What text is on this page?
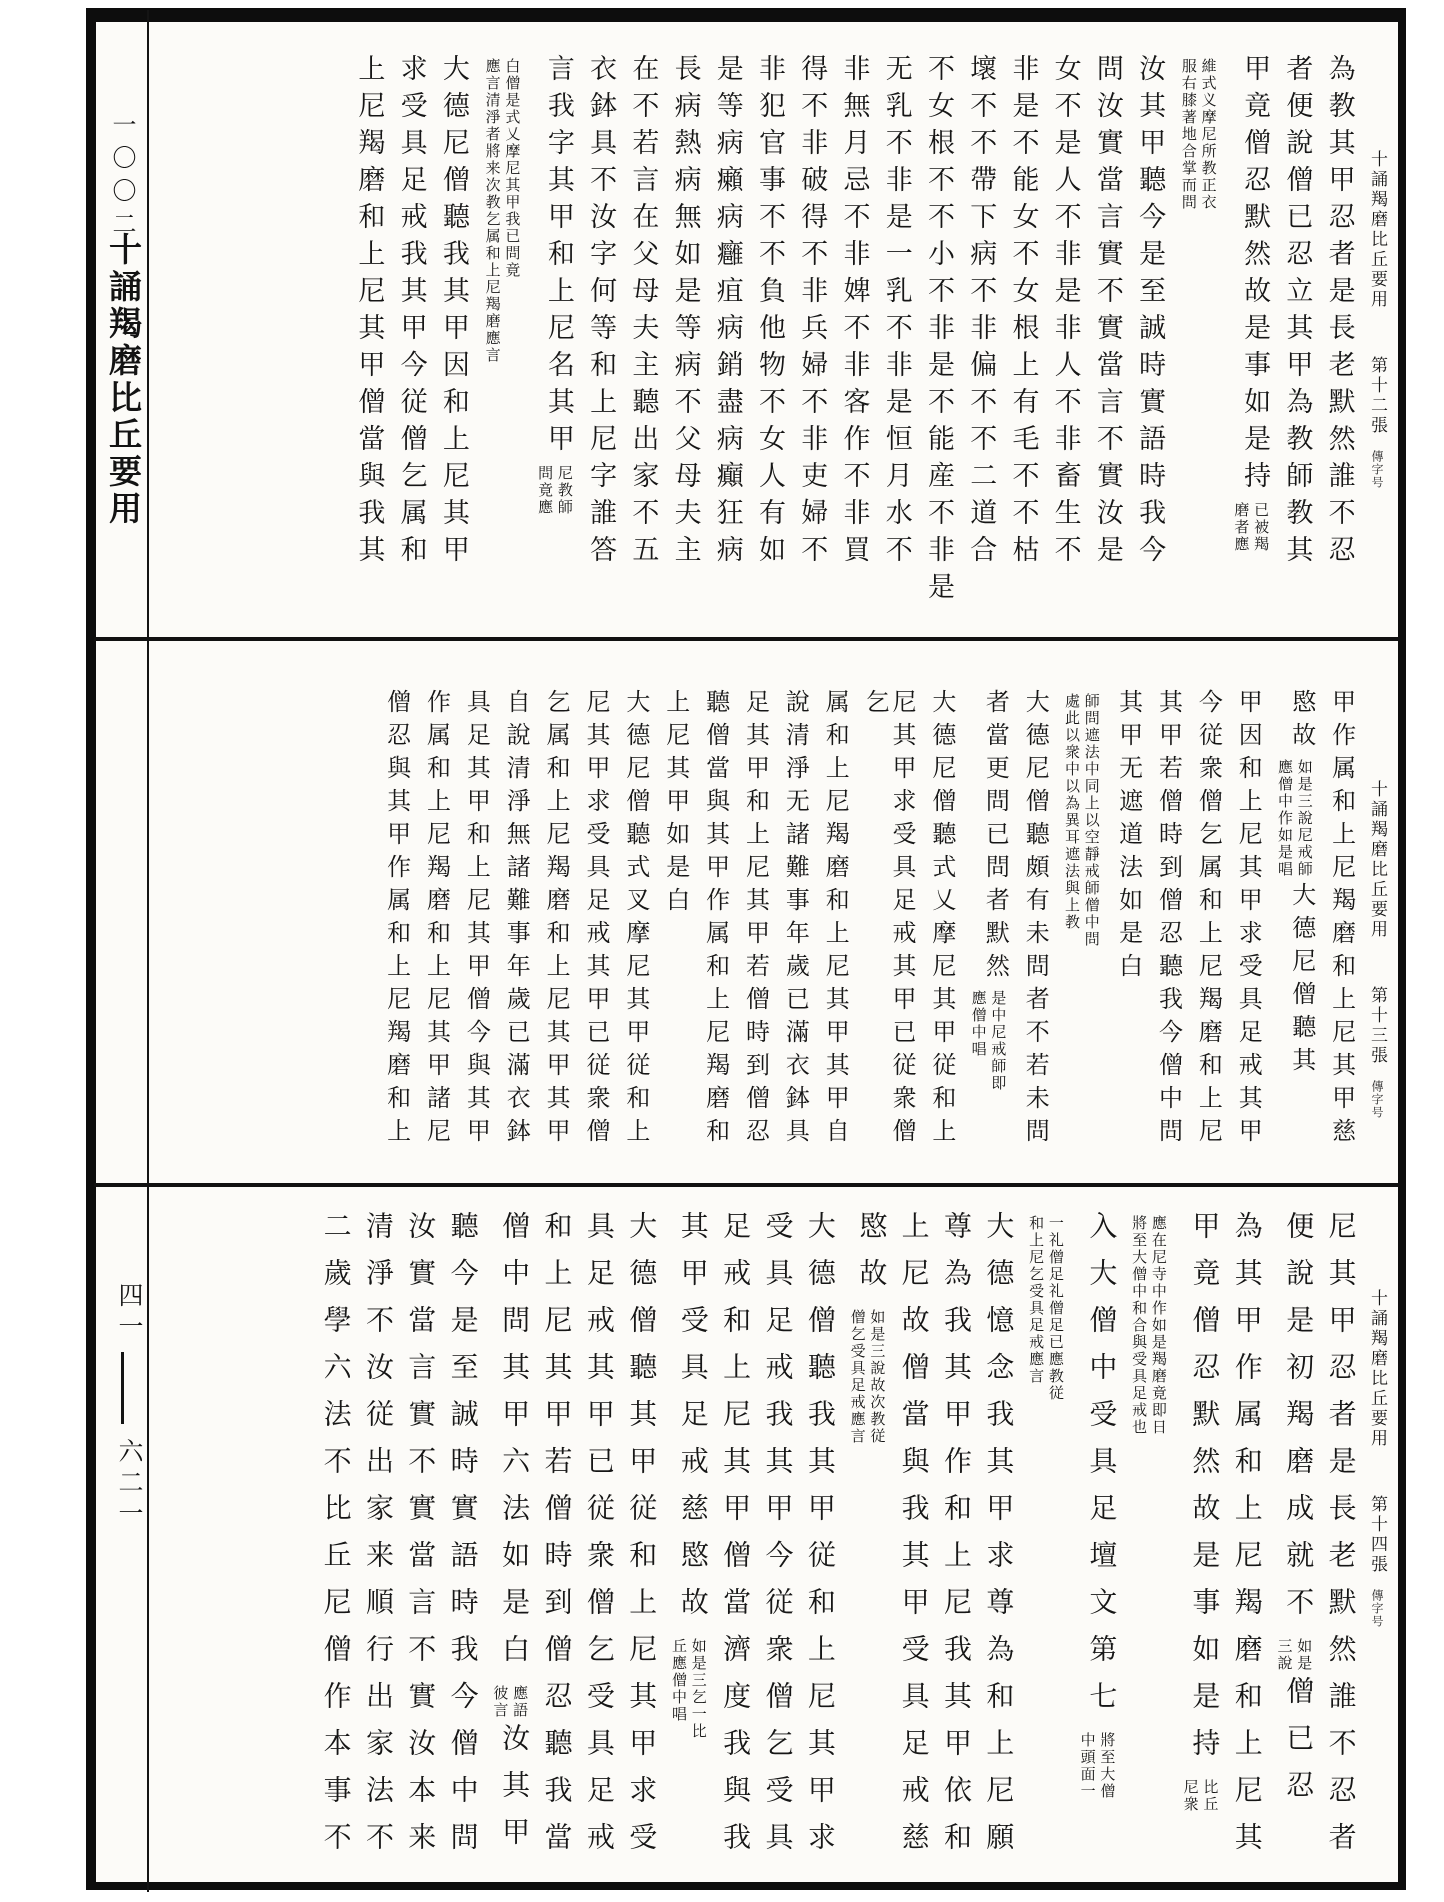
一〇〇二
十誦羯磨比丘要用
四一
六二一
十誦羯磨比丘要用第十二張傳字号
為教其甲忍者是長老默然誰不忍
者便說僧已忍立其甲為教師教其
甲竟僧忍默然故是事如是持
已被羯
磨者應
維式义摩尼所教正衣
服右膝著地合掌而問
汝其甲聽今是至誠時實語時我今
問汝實當言實不實當言不實汝是
女不是人不非是非人不非畜生不
非是不能女不女根上有毛不不枯
壞不不帶下病不非偏不不二道合
不女根不不小不非是不能産不非是
无乳不非是一乳不非是恒月水不
非無月忌不非婢不非客作不非買
得不非破得不非兵婦不非吏婦不
非犯官事不不負他物不女人有如
是等病癩病癰疽病銷盡病癲狂病
長病熱病無如是等病不父母夫主
在不若言在父母夫主聽出家不五
衣鉢具不汝字何等和上尼字誰答
言我字其甲和上尼名其甲
尼教師
問竟應
白僧是式乂摩尼其甲我已問竟
應言清淨者將来次教乞属和上尼羯磨應言
大德尼僧聽我其甲因和上尼其甲
求受具足戒我其甲今従僧乞属和
上尼羯磨和上尼其甲僧當與我其
十誦羯磨比丘要用第十三張傳字号
甲作属和上尼羯磨和上尼其甲慈
愍故
如是三說尼戒師
應僧中作如是唱
大德尼僧聽其
甲因和上尼其甲求受具足戒其甲
今従衆僧乞属和上尼羯磨和上尼
其甲若僧時到僧忍聽我今僧中問
其甲无遮道法如是白
師問遮法中同上以空靜戒師僧中問
處此以衆中以為異耳遮法與上教
大德尼僧聽頗有未問者不若未問
者當更問已問者默然
是中尼戒師即
應僧中唱
大德尼僧聽式乂摩尼其甲従和上
尼其甲求受具足戒其甲已従衆僧乞
属和上尼羯磨和上尼其甲其甲自
說清淨无諸難事年歲已滿衣鉢具
足其甲和上尼其甲若僧時到僧忍
聽僧當與其甲作属和上尼羯磨和
上尼其甲如是白
大德尼僧聽式叉摩尼其甲従和上
尼其甲求受具足戒其甲已従衆僧
乞属和上尼羯磨和上尼其甲其甲
自說清淨無諸難事年歲已滿衣鉢
具足其甲和上尼其甲僧今與其甲
作属和上尼羯磨和上尼其甲諸尼
僧忍與其甲作属和上尼羯磨和上
十誦羯磨比丘要用第十四張傳字号
尼其甲忍者是長老默然誰不忍者
便說是初羯磨成就不
如是
三說
僧已忍
為其甲作属和上尼羯磨和上尼其
甲竟僧忍默然故是事如是持
比丘
尼衆
應在尼寺中作如是羯磨竟即日
將至大僧中和合與受具足戒也
入大僧中受具足壇文第七
將至大僧
中頭面一
一礼僧足礼僧足已應教従
和上尼乞受具足戒應言
大德憶念我其甲求尊為和上尼願
尊為我其甲作和上尼我其甲依和
上尼故僧當與我其甲受具足戒慈
愍故
如是三說故次教従
僧乞受具足戒應言
大德僧聽我其甲従和上尼其甲求
受具足戒我其甲今従衆僧乞受具
足戒和上尼其甲僧當濟度我與我
其甲受具足戒慈愍故
如是三乞一比
丘應僧中唱
大德僧聽其甲従和上尼其甲求受
具足戒其甲已従衆僧乞受具足戒
和上尼其甲若僧時到僧忍聽我當
僧中問其甲六法如是白
應語
彼言
汝其甲
聽今是至誠時實語時我今僧中問
汝實當言實不實當言不實汝本来
清淨不汝従出家来順行出家法不
二歲學六法不比丘尼僧作本事不
